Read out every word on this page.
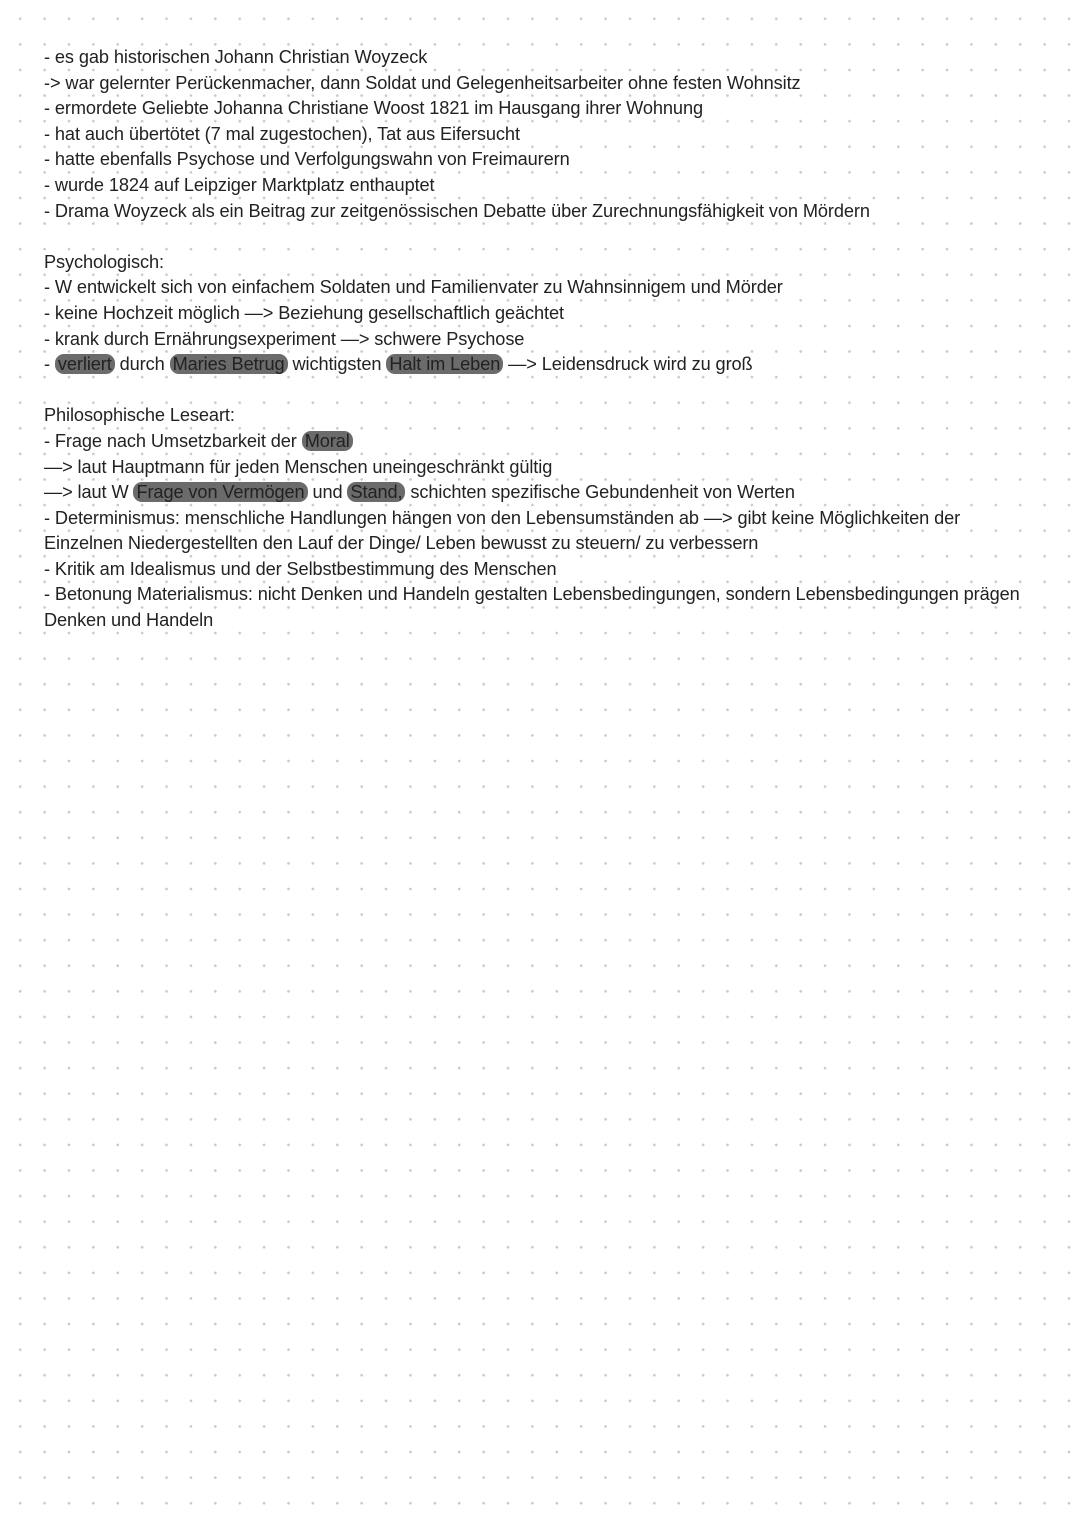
- es gab historischen Johann Christian Woyzeck
-> war gelernter Perückenmacher, dann Soldat und Gelegenheitsarbeiter ohne festen Wohnsitz
- ermordete Geliebte Johanna Christiane Woost 1821 im Hausgang ihrer Wohnung
- hat auch übertötet (7 mal zugestochen), Tat aus Eifersucht
- hatte ebenfalls Psychose und Verfolgungswahn von Freimaurern
- wurde 1824 auf Leipziger Marktplatz enthauptet
- Drama Woyzeck als ein Beitrag zur zeitgenössischen Debatte über Zurechnungsfähigkeit von Mördern
Psychologisch:
- W entwickelt sich von einfachem Soldaten und Familienvater zu Wahnsinnigem und Mörder
- keine Hochzeit möglich —> Beziehung gesellschaftlich geächtet
- krank durch Ernährungsexperiment —> schwere Psychose
- verliert durch Maries Betrug wichtigsten Halt im Leben —> Leidensdruck wird zu groß
Philosophische Leseart:
- Frage nach Umsetzbarkeit der Moral
—> laut Hauptmann für jeden Menschen uneingeschränkt gültig
—> laut W Frage von Vermögen und Stand, schichten spezifische Gebundenheit von Werten
- Determinismus: menschliche Handlungen hängen von den Lebensumständen ab —> gibt keine Möglichkeiten der Einzelnen Niedergestellten den Lauf der Dinge/ Leben bewusst zu steuern/ zu verbessern
- Kritik am Idealismus und der Selbstbestimmung des Menschen
- Betonung Materialismus: nicht Denken und Handeln gestalten Lebensbedingungen, sondern Lebensbedingungen prägen Denken und Handeln
